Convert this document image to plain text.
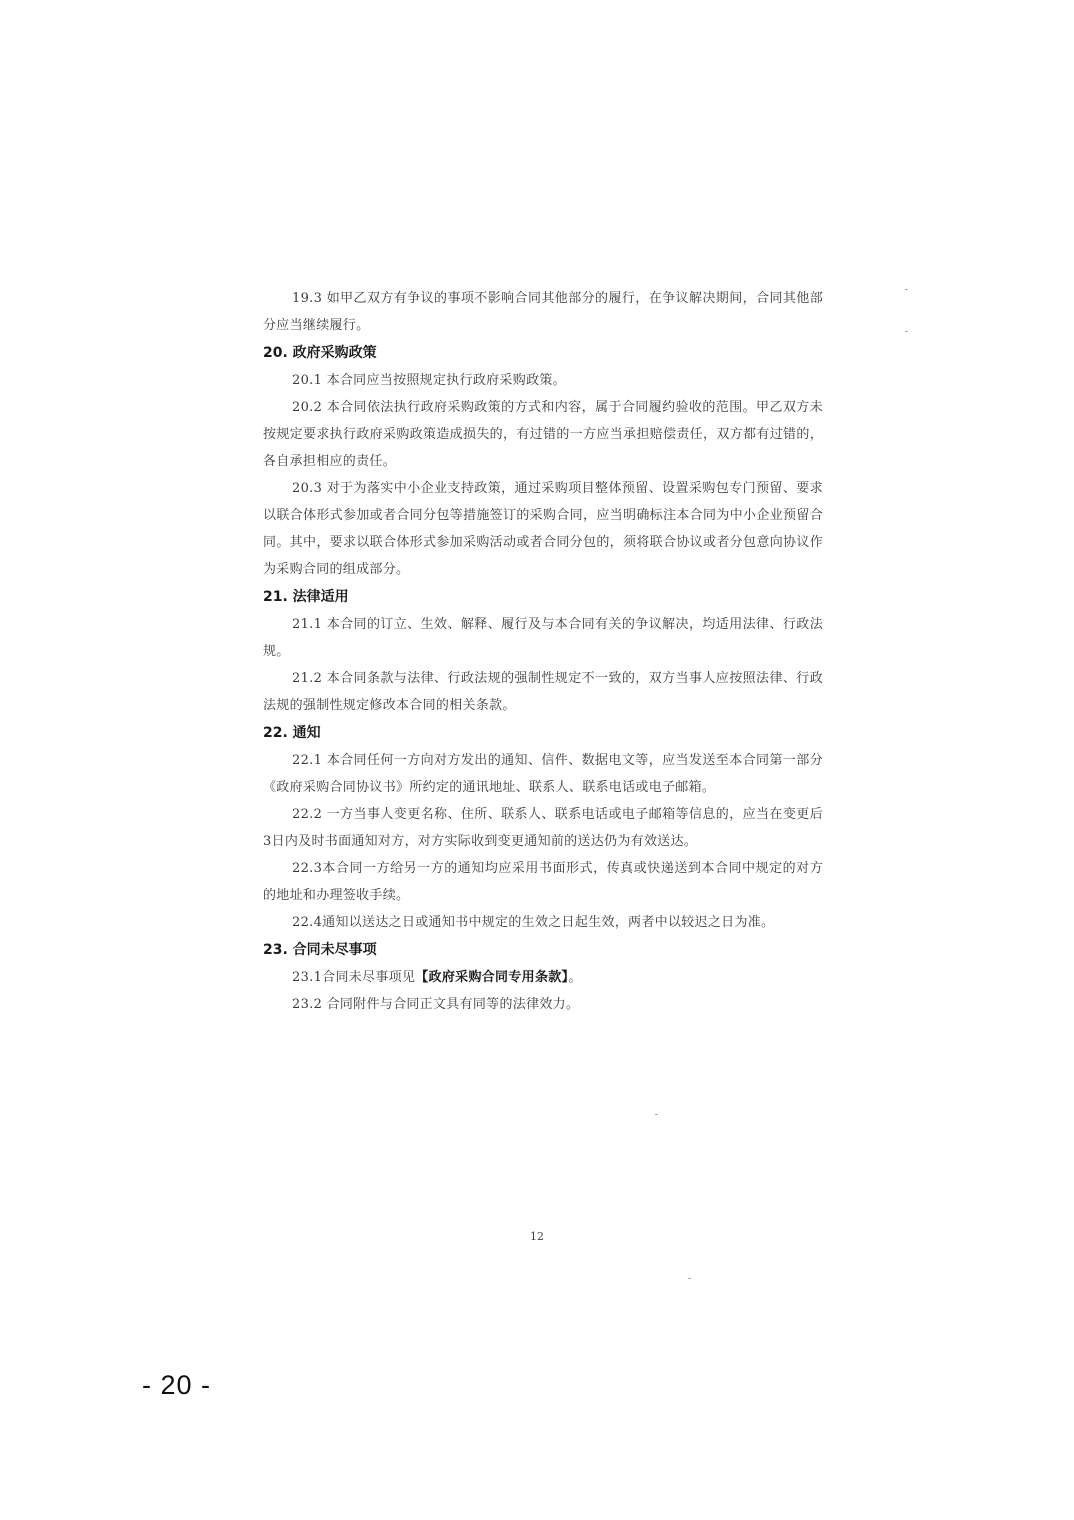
19.3 如甲乙双方有争议的事项不影响合同其他部分的履行，在争议解决期间，合同其他部分应当继续履行。

20. 政府采购政策

20.1 本合同应当按照规定执行政府采购政策。

20.2 本合同依法执行政府采购政策的方式和内容，属于合同履约验收的范围。甲乙双方未按规定要求执行政府采购政策造成损失的，有过错的一方应当承担赔偿责任，双方都有过错的，各自承担相应的责任。

20.3 对于为落实中小企业支持政策，通过采购项目整体预留、设置采购包专门预留、要求以联合体形式参加或者合同分包等措施签订的采购合同，应当明确标注本合同为中小企业预留合同。其中，要求以联合体形式参加采购活动或者合同分包的，须将联合协议或者分包意向协议作为采购合同的组成部分。

21. 法律适用

21.1 本合同的订立、生效、解释、履行及与本合同有关的争议解决，均适用法律、行政法规。

21.2 本合同条款与法律、行政法规的强制性规定不一致的，双方当事人应按照法律、行政法规的强制性规定修改本合同的相关条款。

22. 通知

22.1 本合同任何一方向对方发出的通知、信件、数据电文等，应当发送至本合同第一部分《政府采购合同协议书》所约定的通讯地址、联系人、联系电话或电子邮箱。

22.2 一方当事人变更名称、住所、联系人、联系电话或电子邮箱等信息的，应当在变更后3日内及时书面通知对方，对方实际收到变更通知前的送达仍为有效送达。

22.3本合同一方给另一方的通知均应采用书面形式，传真或快递送到本合同中规定的对方的地址和办理签收手续。

22.4通知以送达之日或通知书中规定的生效之日起生效，两者中以较迟之日为准。

23. 合同未尽事项

23.1合同未尽事项见【政府采购合同专用条款】。

23.2 合同附件与合同正文具有同等的法律效力。

12
- 20 -
